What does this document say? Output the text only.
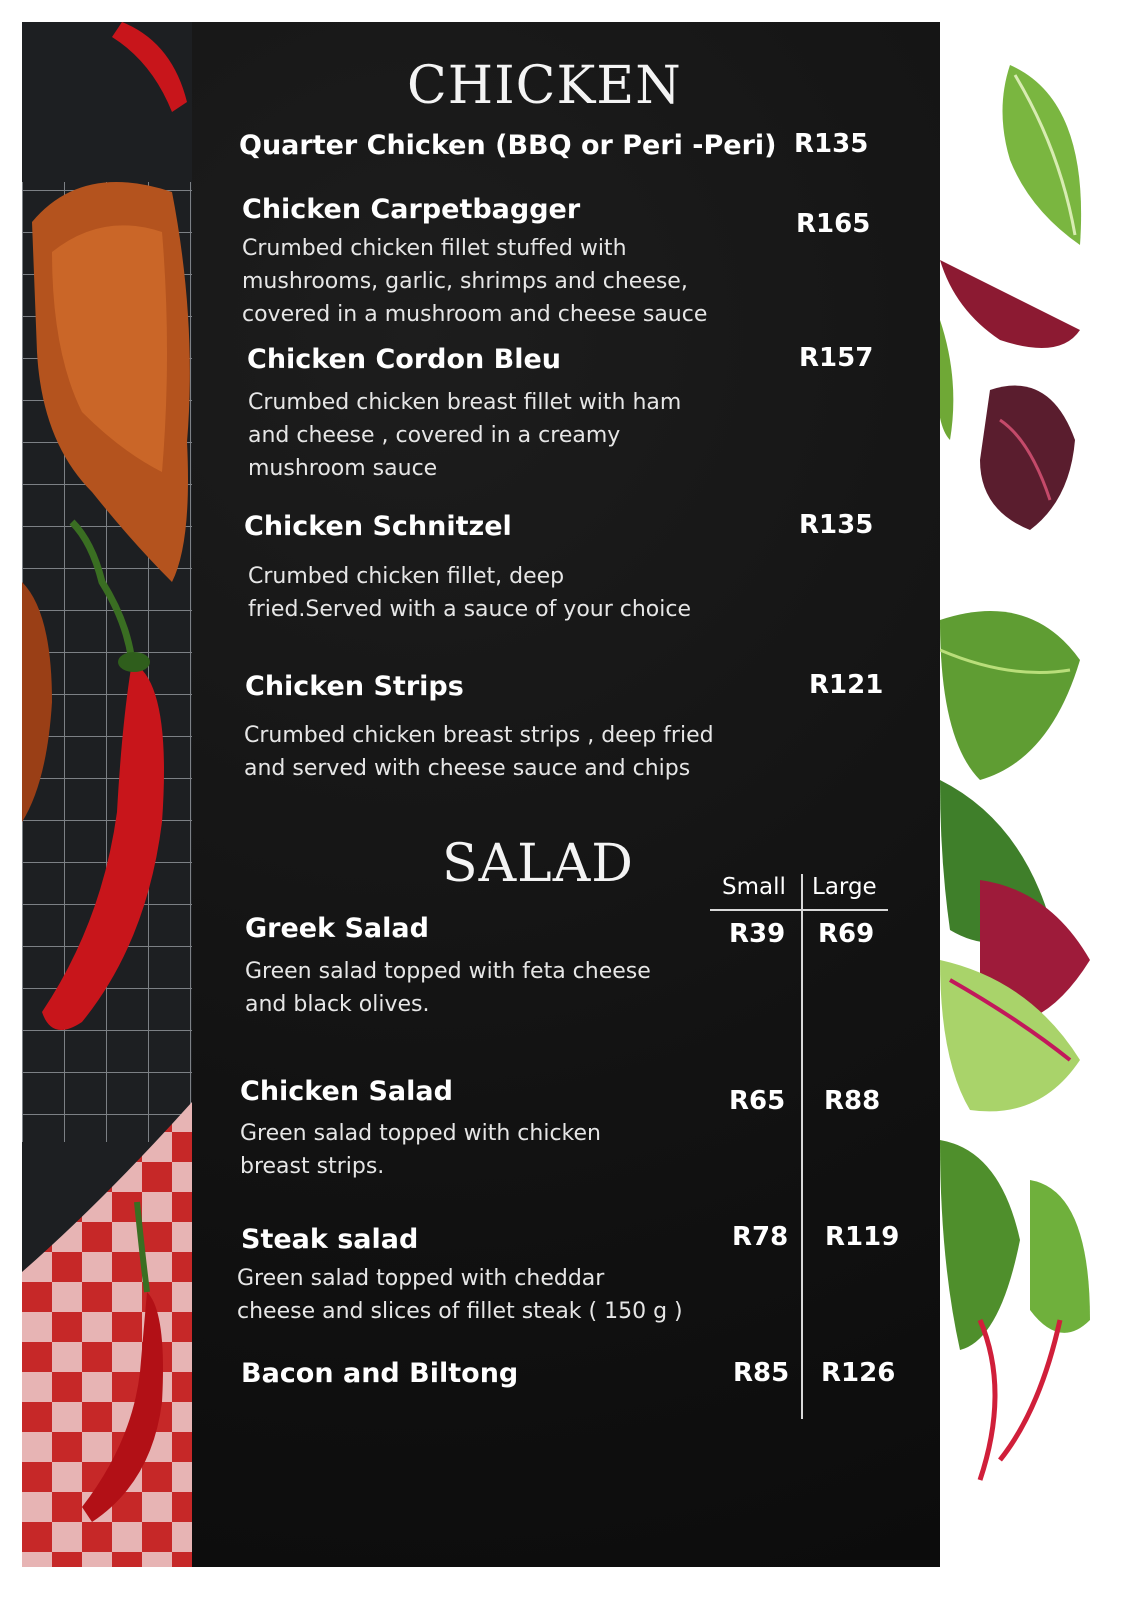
CHICKEN
Quarter Chicken (BBQ or Peri -Peri) R135
Chicken Carpetbagger	R165
Crumbed chicken fillet stuffed with
mushrooms, garlic, shrimps and cheese,
covered in a mushroom and cheese sauce
Chicken Cordon Bleu	R157
Crumbed chicken breast fillet with ham
and cheese , covered in a creamy
mushroom sauce
Chicken Schnitzel	R135
Crumbed chicken fillet, deep
fried.Served with a sauce of your choice
Chicken Strips	R121
Crumbed chicken breast strips , deep fried
and served with cheese sauce and chips
SALAD	Small Large
Greek Salad	R39 R69
Green salad topped with feta cheese
and black olives.
Chicken Salad	R65 R88
Green salad topped with chicken
breast strips.
Steak salad	R78 R119
Green salad topped with cheddar
cheese and slices of fillet steak ( 150 g )
Bacon and Biltong	R85 R126
